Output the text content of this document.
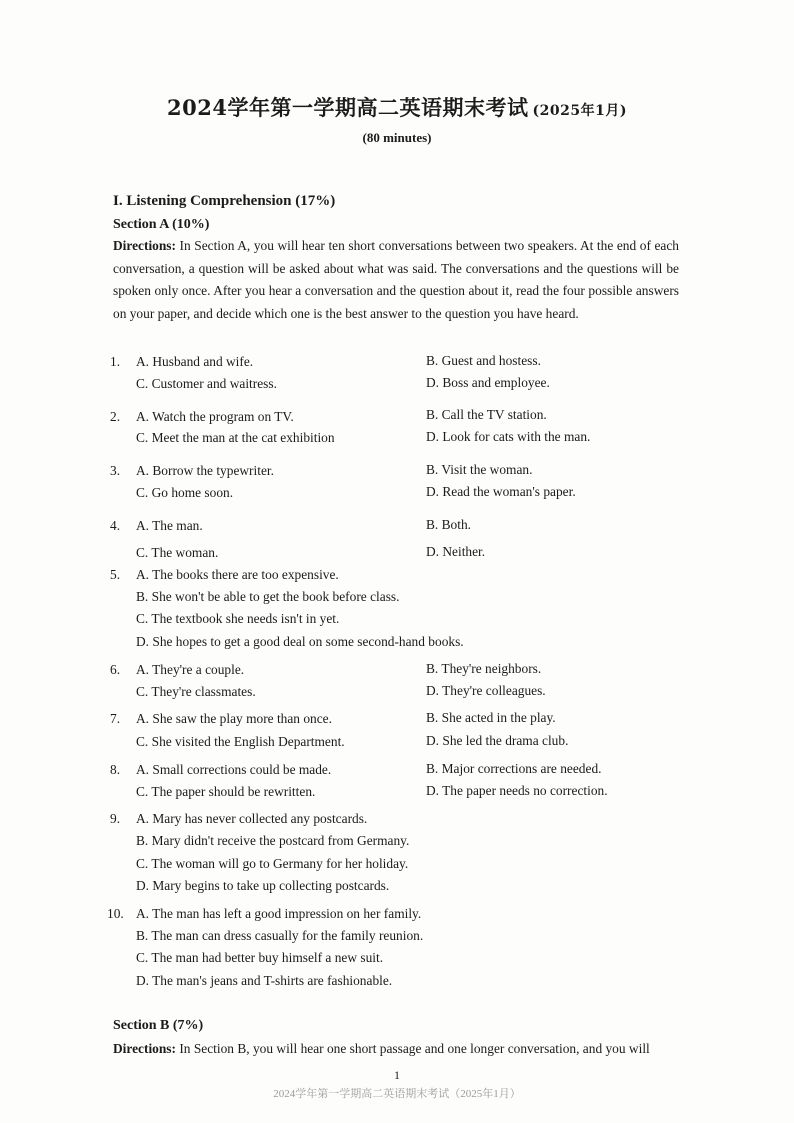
2024学年第一学期高二英语期末考试 (2025年1月)
(80 minutes)
I. Listening Comprehension (17%)
Section A (10%)
Directions: In Section A, you will hear ten short conversations between two speakers. At the end of each conversation, a question will be asked about what was said. The conversations and the questions will be spoken only once. After you hear a conversation and the question about it, read the four possible answers on your paper, and decide which one is the best answer to the question you have heard.
1. A. Husband and wife.	B. Guest and hostess.
C. Customer and waitress.	D. Boss and employee.
2. A. Watch the program on TV.	B. Call the TV station.
C. Meet the man at the cat exhibition	D. Look for cats with the man.
3. A. Borrow the typewriter.	B. Visit the woman.
C. Go home soon.	D. Read the woman's paper.
4. A. The man.	B. Both.
C. The woman.	D. Neither.
5. A. The books there are too expensive.
B. She won't be able to get the book before class.
C. The textbook she needs isn't in yet.
D. She hopes to get a good deal on some second-hand books.
6. A. They're a couple.	B. They're neighbors.
C. They're classmates.	D. They're colleagues.
7. A. She saw the play more than once.	B. She acted in the play.
C. She visited the English Department.	D. She led the drama club.
8. A. Small corrections could be made.	B. Major corrections are needed.
C. The paper should be rewritten.	D. The paper needs no correction.
9. A. Mary has never collected any postcards.
B. Mary didn't receive the postcard from Germany.
C. The woman will go to Germany for her holiday.
D. Mary begins to take up collecting postcards.
10. A. The man has left a good impression on her family.
B. The man can dress casually for the family reunion.
C. The man had better buy himself a new suit.
D. The man's jeans and T-shirts are fashionable.
Section B (7%)
Directions: In Section B, you will hear one short passage and one longer conversation, and you will
1
2024学年第一学期高二英语期末考试（2025年1月）
